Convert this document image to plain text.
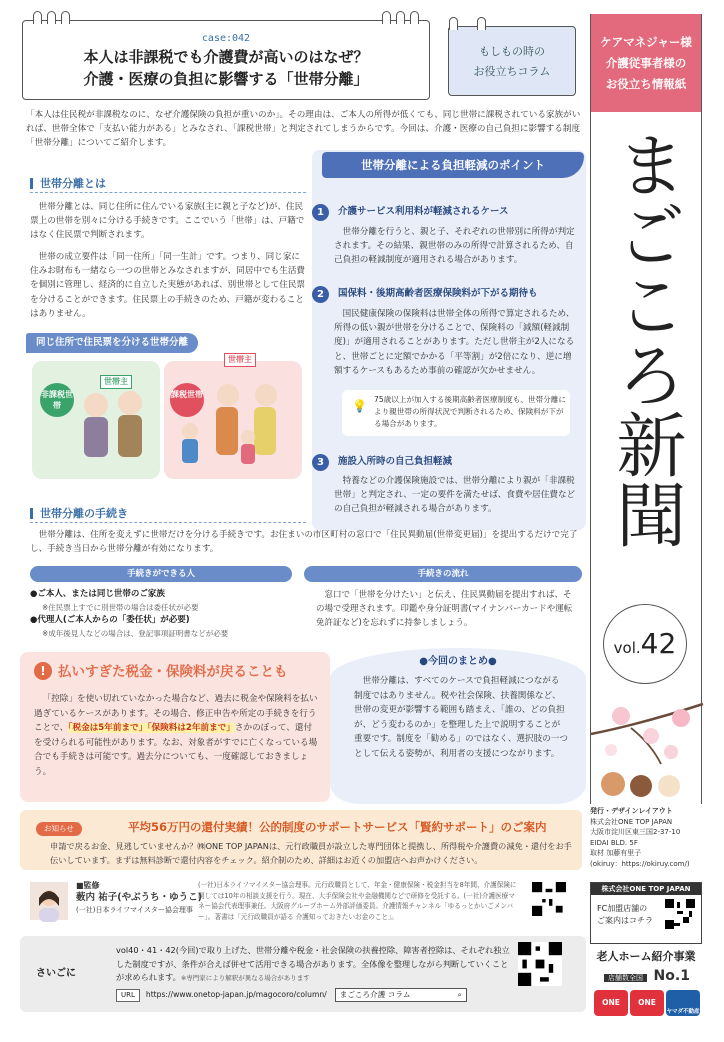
case:042
本人は非課税でも介護費が高いのはなぜ？
介護・医療の負担に影響する「世帯分離」
もしもの時の
お役立ちコラム
ケアマネジャー様
介護従事者様の
お役立ち情報紙
まごころ新聞
vol.42
発行・デザインレイアウト
株式会社ONE TOP JAPAN
大阪市淀川区東三国2-37-10
EIDAI BLD. 5F
取材 加藤有里子
(okiruy：https://okiruy.com/)
株式会社ONE TOP JAPAN
FC加盟店舗の
ご案内はコチラ
老人ホーム紹介事業
店舗数全国 No.1
ONE TOP
ONE TOP
ヤマダ不動産
「本人は住民税が非課税なのに、なぜ介護保険の負担が重いのか」。その理由は、ご本人の所得が低くても、同じ世帯に課税されている家族がいれば、世帯全体で「支払い能力がある」とみなされ、「課税世帯」と判定されてしまうからです。今回は、介護・医療の自己負担に影響する制度「世帯分離」についてご紹介します。
世帯分離とは
世帯分離とは、同じ住所に住んでいる家族(主に親と子など)が、住民票上の世帯を別々に分ける手続きです。ここでいう「世帯」は、戸籍ではなく住民票で判断されます。
世帯の成立要件は「同一住所」「同一生計」です。つまり、同じ家に住みお財布も一緒なら一つの世帯とみなされますが、同居中でも生活費を個別に管理し、経済的に自立した実態があれば、別世帯として住民票を分けることができます。住民票上の手続きのため、戸籍が変わることはありません。
同じ住所で住民票を分ける世帯分離
非課税世帯
世帯主
課税世帯
世帯主
世帯分離による負担軽減のポイント
1	介護サービス利用料が軽減されるケース
世帯分離を行うと、親と子、それぞれの世帯別に所得が判定されます。その結果、親世帯のみの所得で計算されるため、自己負担の軽減制度が適用される場合があります。
2	国保料・後期高齢者医療保険料が下がる期待も
国民健康保険の保険料は世帯全体の所得で算定されるため、所得の低い親が世帯を分けることで、保険料の「減額(軽減制度)」が適用されることがあります。ただし世帯主が2人になると、世帯ごとに定額でかかる「平等割」が2倍になり、逆に増額するケースもあるため事前の確認が欠かせません。
3	施設入所時の自己負担軽減
特養などの介護保険施設では、世帯分離により親が「非課税世帯」と判定され、一定の要件を満たせば、食費や居住費などの自己負担が軽減される場合があります。
💡 75歳以上が加入する後期高齢者医療制度も、世帯分離により親世帯の所得状況で判断されるため、保険料が下がる場合があります。
世帯分離の手続き
世帯分離は、住所を変えずに世帯だけを分ける手続きです。お住まいの市区町村の窓口で「住民異動届(世帯変更届)」を提出するだけで完了し、手続き当日から世帯分離が有効になります。
手続きができる人	手続きの流れ
●ご本人、または同じ世帯のご家族
※住民票上すでに別世帯の場合は委任状が必要
●代理人(ご本人からの「委任状」が必要)
※成年後見人などの場合は、登記事項証明書などが必要
窓口で「世帯を分けたい」と伝え、住民異動届を提出すれば、その場で受理されます。印鑑や身分証明書(マイナンバーカードや運転免許証など)を忘れずに持参しましょう。
! 払いすぎた税金・保険料が戻ることも
「控除」を使い切れていなかった場合など、過去に税金や保険料を払い過ぎているケースがあります。その場合、修正申告や所定の手続きを行うことで、「税金は5年前まで」「保険料は2年前まで」さかのぼって、還付を受けられる可能性があります。なお、対象者がすでに亡くなっている場合でも手続きは可能です。過去分についても、一度確認しておきましょう。
●今回のまとめ●
世帯分離は、すべてのケースで負担軽減につながる制度ではありません。税や社会保険、扶養関係など、世帯の変更が影響する範囲も踏まえ、「誰の、どの負担が、どう変わるのか」を整理した上で説明することが重要です。制度を「勧める」のではなく、選択肢の一つとして伝える姿勢が、利用者の支援につながります。
お知らせ	平均56万円の還付実績！公的制度のサポートサービス「賢約サポート」のご案内
申請で戻るお金、見逃していませんか？㈱ONE TOP JAPANは、元行政職員が設立した専門団体と提携し、所得税や介護費の減免・還付をお手伝いしています。まずは無料診断で還付内容をチェック。紹介制のため、詳細はお近くの加盟店へお声かけください。
■監修
薮内 祐子(やぶうち・ゆうこ)
(一社)日本ライフマイスター協会理事
(一社)日本ライフマイスター協会理事。元行政職員として、年金・健康保険・税金担当を8年間、介護保険に関しては10年の相談支援を行う。現在、大手保険会社や金融機関などで研修を受託する。(一社)介護医療マネー協会代表理事兼任。大阪府グループホーム外部評価委員。介護情報チャンネル「ゆるっとかいごメンバー」。著書は「元行政職員が語る 介護知っておきたいお金のこと」。
さいごに
vol40・41・42(今回)で取り上げた、世帯分離や税金・社会保険の扶養控除、障害者控除は、それぞれ独立した制度ですが、条件が合えば併せて活用できる場合があります。全体像を整理しながら判断していくことが求められます。※専門家により解釈が異なる場合があります
URL https://www.onetop-japan.jp/magocoro/column/ まごころ介護 コラム	⌕
